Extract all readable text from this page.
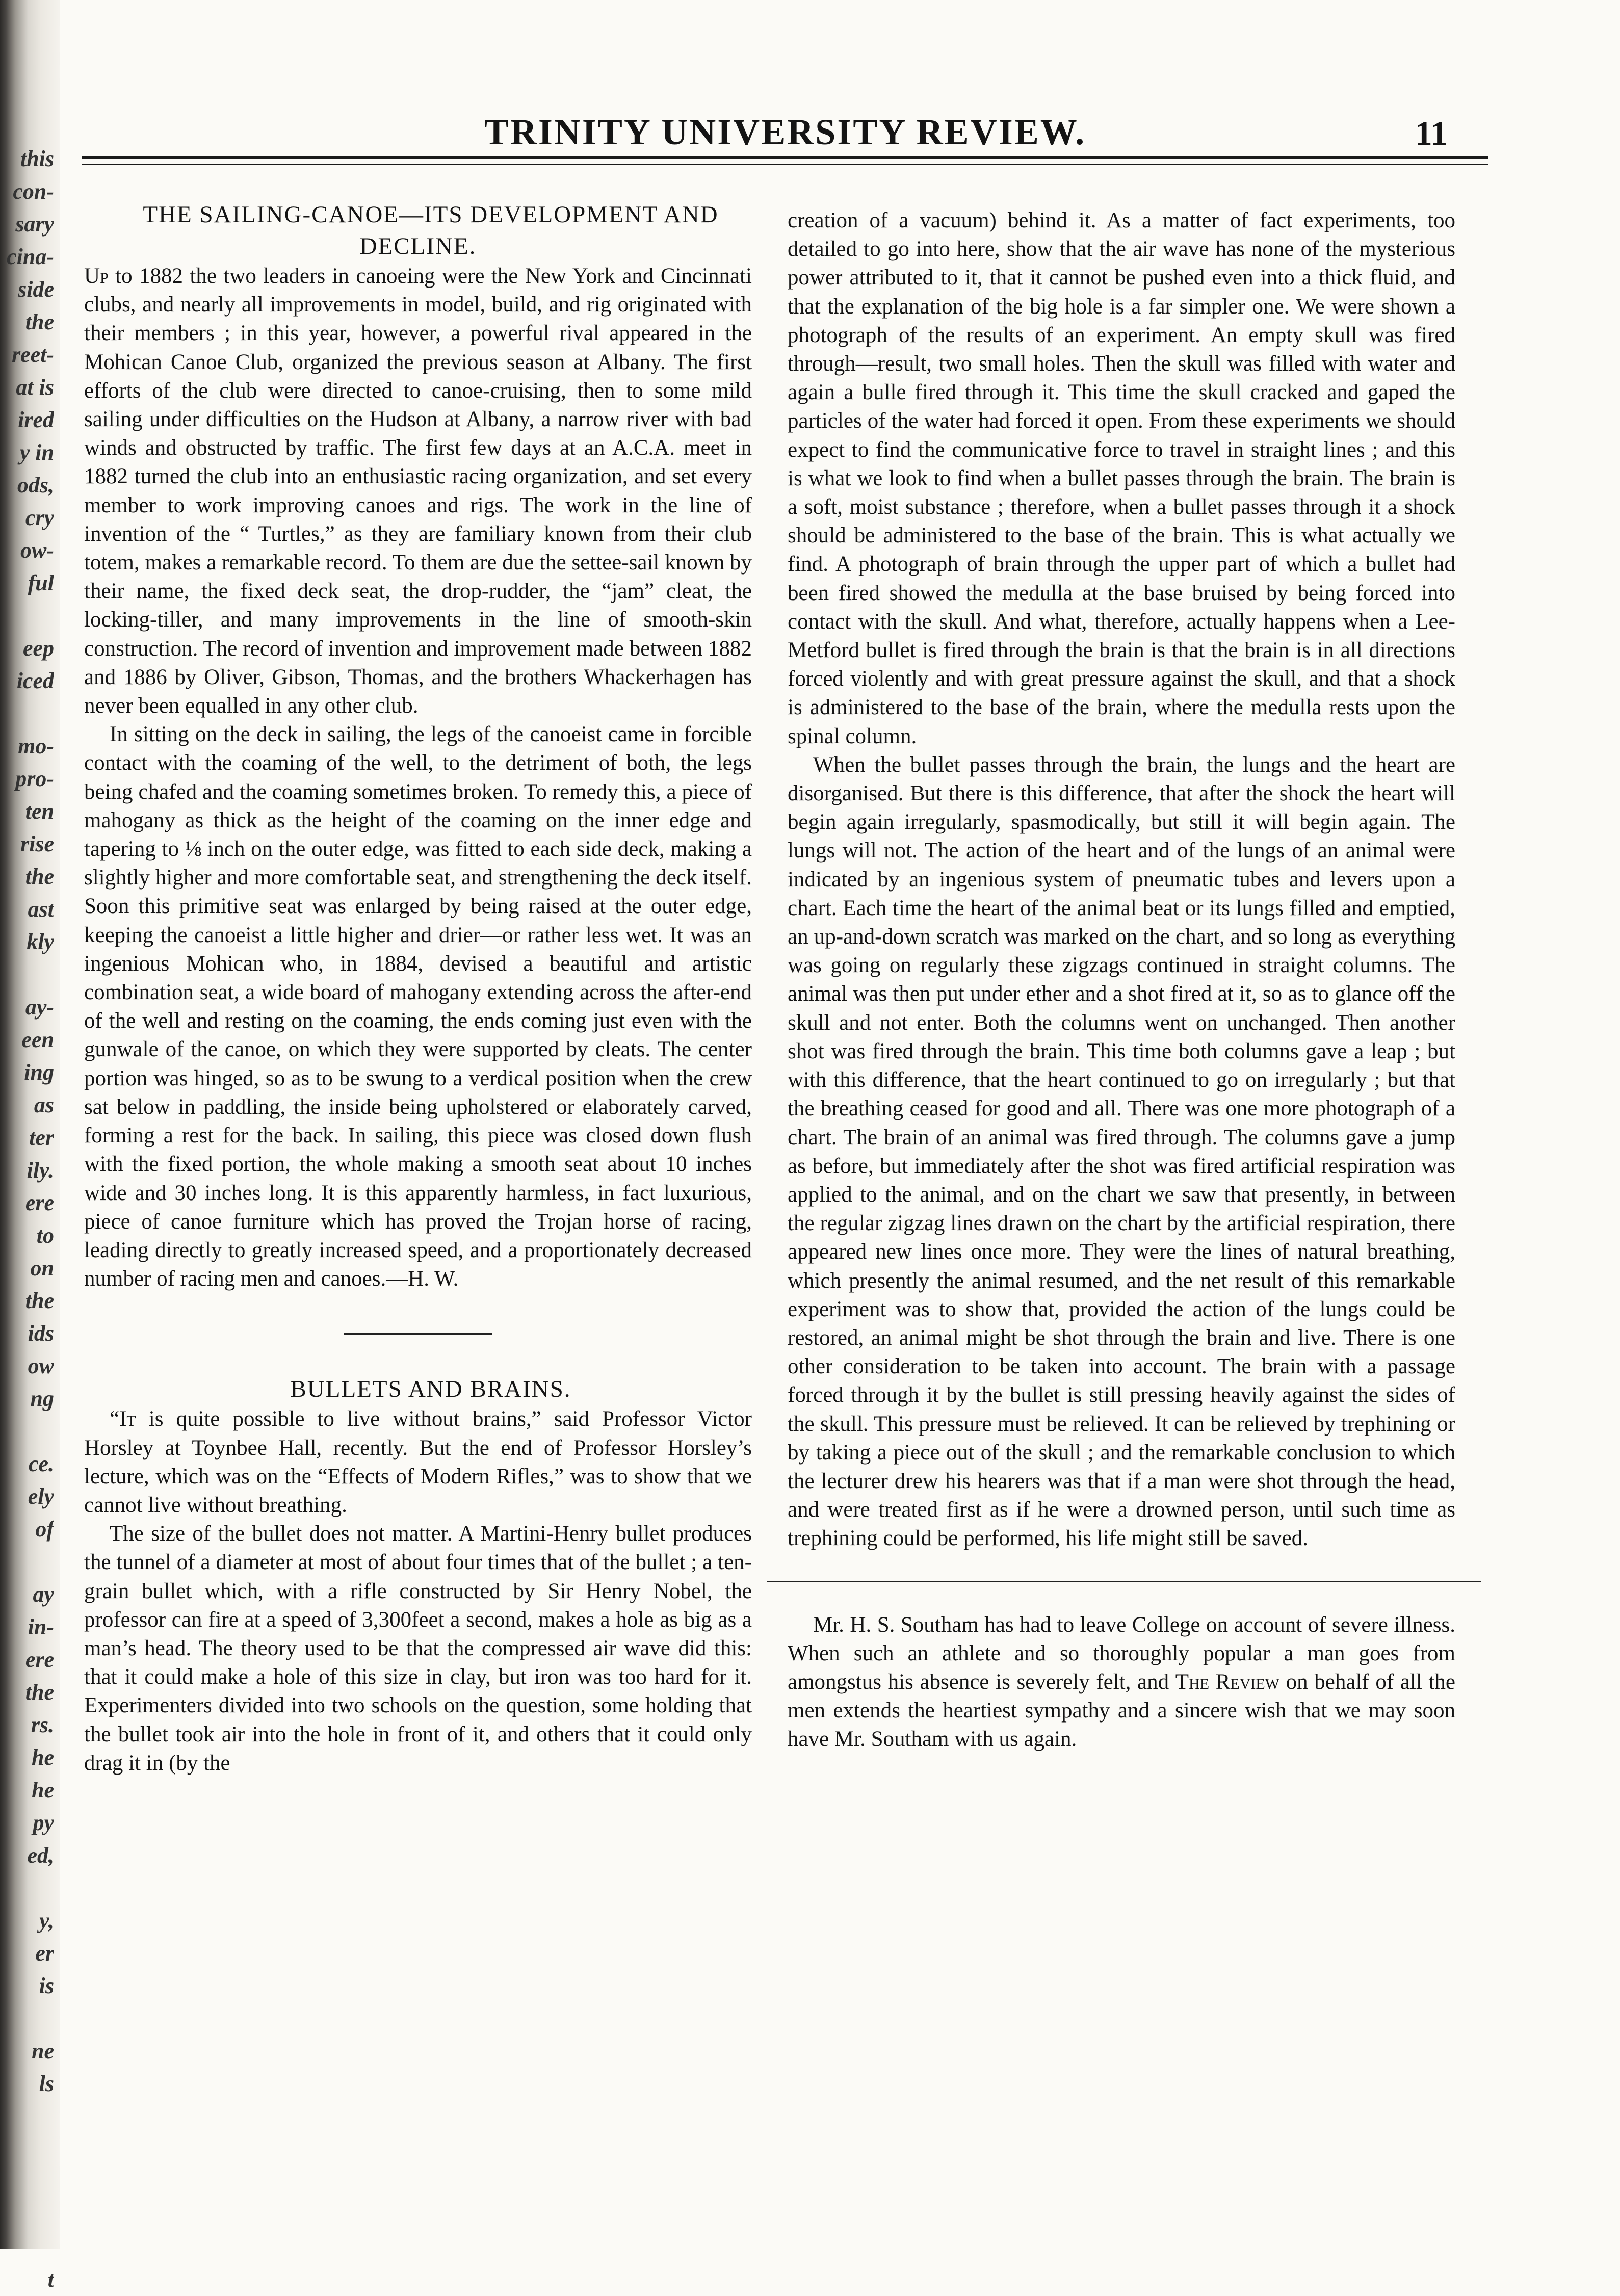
this
con-
sary
cina-
side
the
reet-
at is
ired
y in
ods,
cry
ow-
ful
eep
iced
mo-
pro-
ten
rise
the
ast
kly
ay-
een
ing
as
ter
ily.
ere
to
on
the
ids
ow
ng
ce.
ely
of
ay
in-
ere
the
rs.
he
he
py
ed,
y,
er
is
ne
ls
t
TRINITY UNIVERSITY REVIEW.	11

THE SAILING-CANOE—ITS DEVELOPMENT AND DECLINE.

Up to 1882 the two leaders in canoeing were the New York and Cincinnati clubs, and nearly all improvements in model, build, and rig originated with their members ; in this year, however, a powerful rival appeared in the Mohican Canoe Club, organized the previous season at Albany. The first efforts of the club were directed to canoe-cruising, then to some mild sailing under difficulties on the Hudson at Albany, a narrow river with bad winds and obstructed by traffic. The first few days at an A.C.A. meet in 1882 turned the club into an enthusiastic racing organization, and set every member to work improving canoes and rigs. The work in the line of invention of the “ Turtles,” as they are familiary known from their club totem, makes a remarkable record. To them are due the settee-sail known by their name, the fixed deck seat, the drop-rudder, the “jam” cleat, the locking-tiller, and many improvements in the line of smooth-skin construction. The record of invention and improvement made between 1882 and 1886 by Oliver, Gibson, Thomas, and the brothers Whackerhagen has never been equalled in any other club.

In sitting on the deck in sailing, the legs of the canoeist came in forcible contact with the coaming of the well, to the detriment of both, the legs being chafed and the coaming sometimes broken. To remedy this, a piece of mahogany as thick as the height of the coaming on the inner edge and tapering to ⅛ inch on the outer edge, was fitted to each side deck, making a slightly higher and more comfortable seat, and strengthening the deck itself. Soon this primitive seat was enlarged by being raised at the outer edge, keeping the canoeist a little higher and drier—or rather less wet. It was an ingenious Mohican who, in 1884, devised a beautiful and artistic combination seat, a wide board of mahogany extending across the after-end of the well and resting on the coaming, the ends coming just even with the gunwale of the canoe, on which they were supported by cleats. The center portion was hinged, so as to be swung to a verdical position when the crew sat below in paddling, the inside being upholstered or elaborately carved, forming a rest for the back. In sailing, this piece was closed down flush with the fixed portion, the whole making a smooth seat about 10 inches wide and 30 inches long. It is this apparently harmless, in fact luxurious, piece of canoe furniture which has proved the Trojan horse of racing, leading directly to greatly increased speed, and a proportionately decreased number of racing men and canoes.—H. W.

BULLETS AND BRAINS.

“It is quite possible to live without brains,” said Professor Victor Horsley at Toynbee Hall, recently. But the end of Professor Horsley’s lecture, which was on the “Effects of Modern Rifles,” was to show that we cannot live without breathing.

The size of the bullet does not matter. A Martini-Henry bullet produces the tunnel of a diameter at most of about four times that of the bullet ; a ten-grain bullet which, with a rifle constructed by Sir Henry Nobel, the professor can fire at a speed of 3,300feet a second, makes a hole as big as a man’s head. The theory used to be that the compressed air wave did this: that it could make a hole of this size in clay, but iron was too hard for it. Experimenters divided into two schools on the question, some holding that the bullet took air into the hole in front of it, and others that it could only drag it in (by the

creation of a vacuum) behind it. As a matter of fact experiments, too detailed to go into here, show that the air wave has none of the mysterious power attributed to it, that it cannot be pushed even into a thick fluid, and that the explanation of the big hole is a far simpler one. We were shown a photograph of the results of an experiment. An empty skull was fired through—result, two small holes. Then the skull was filled with water and again a bulle fired through it. This time the skull cracked and gaped the particles of the water had forced it open. From these experiments we should expect to find the communicative force to travel in straight lines ; and this is what we look to find when a bullet passes through the brain. The brain is a soft, moist substance ; therefore, when a bullet passes through it a shock should be administered to the base of the brain. This is what actually we find. A photograph of brain through the upper part of which a bullet had been fired showed the medulla at the base bruised by being forced into contact with the skull. And what, therefore, actually happens when a Lee-Metford bullet is fired through the brain is that the brain is in all directions forced violently and with great pressure against the skull, and that a shock is administered to the base of the brain, where the medulla rests upon the spinal column.

When the bullet passes through the brain, the lungs and the heart are disorganised. But there is this difference, that after the shock the heart will begin again irregularly, spasmodically, but still it will begin again. The lungs will not. The action of the heart and of the lungs of an animal were indicated by an ingenious system of pneumatic tubes and levers upon a chart. Each time the heart of the animal beat or its lungs filled and emptied, an up-and-down scratch was marked on the chart, and so long as everything was going on regularly these zigzags continued in straight columns. The animal was then put under ether and a shot fired at it, so as to glance off the skull and not enter. Both the columns went on unchanged. Then another shot was fired through the brain. This time both columns gave a leap ; but with this difference, that the heart continued to go on irregularly ; but that the breathing ceased for good and all. There was one more photograph of a chart. The brain of an animal was fired through. The columns gave a jump as before, but immediately after the shot was fired artificial respiration was applied to the animal, and on the chart we saw that presently, in between the regular zigzag lines drawn on the chart by the artificial respiration, there appeared new lines once more. They were the lines of natural breathing, which presently the animal resumed, and the net result of this remarkable experiment was to show that, provided the action of the lungs could be restored, an animal might be shot through the brain and live. There is one other consideration to be taken into account. The brain with a passage forced through it by the bullet is still pressing heavily against the sides of the skull. This pressure must be relieved. It can be relieved by trephining or by taking a piece out of the skull ; and the remarkable conclusion to which the lecturer drew his hearers was that if a man were shot through the head, and were treated first as if he were a drowned person, until such time as trephining could be performed, his life might still be saved.

Mr. H. S. Southam has had to leave College on account of severe illness. When such an athlete and so thoroughly popular a man goes from amongstus his absence is severely felt, and The Review on behalf of all the men extends the heartiest sympathy and a sincere wish that we may soon have Mr. Southam with us again.
